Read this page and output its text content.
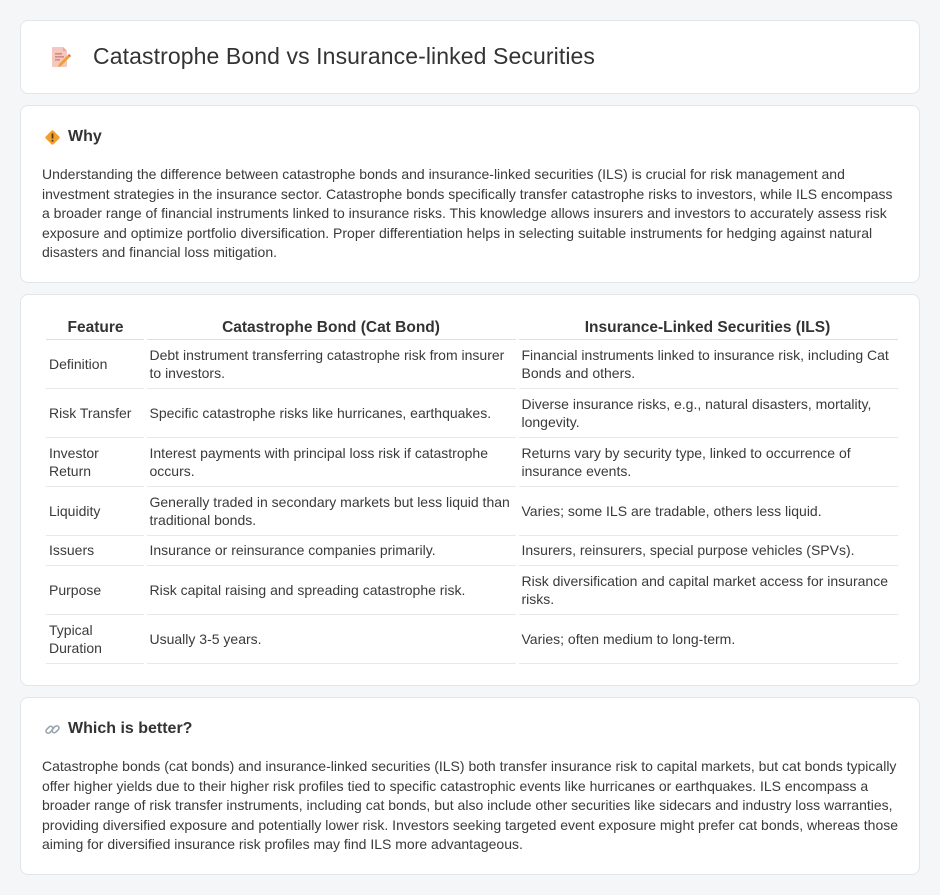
Catastrophe Bond vs Insurance-linked Securities
Why

Understanding the difference between catastrophe bonds and insurance-linked securities (ILS) is crucial for risk management and investment strategies in the insurance sector. Catastrophe bonds specifically transfer catastrophe risks to investors, while ILS encompass a broader range of financial instruments linked to insurance risks. This knowledge allows insurers and investors to accurately assess risk exposure and optimize portfolio diversification. Proper differentiation helps in selecting suitable instruments for hedging against natural disasters and financial loss mitigation.

Feature	Catastrophe Bond (Cat Bond)	Insurance-Linked Securities (ILS)
Definition	Debt instrument transferring catastrophe risk from insurer to investors.	Financial instruments linked to insurance risk, including Cat Bonds and others.
Risk Transfer	Specific catastrophe risks like hurricanes, earthquakes.	Diverse insurance risks, e.g., natural disasters, mortality, longevity.
Investor Return	Interest payments with principal loss risk if catastrophe occurs.	Returns vary by security type, linked to occurrence of insurance events.
Liquidity	Generally traded in secondary markets but less liquid than traditional bonds.	Varies; some ILS are tradable, others less liquid.
Issuers	Insurance or reinsurance companies primarily.	Insurers, reinsurers, special purpose vehicles (SPVs).
Purpose	Risk capital raising and spreading catastrophe risk.	Risk diversification and capital market access for insurance risks.
Typical Duration	Usually 3-5 years.	Varies; often medium to long-term.
Which is better?

Catastrophe bonds (cat bonds) and insurance-linked securities (ILS) both transfer insurance risk to capital markets, but cat bonds typically offer higher yields due to their higher risk profiles tied to specific catastrophic events like hurricanes or earthquakes. ILS encompass a broader range of risk transfer instruments, including cat bonds, but also include other securities like sidecars and industry loss warranties, providing diversified exposure and potentially lower risk. Investors seeking targeted event exposure might prefer cat bonds, whereas those aiming for diversified insurance risk profiles may find ILS more advantageous.
